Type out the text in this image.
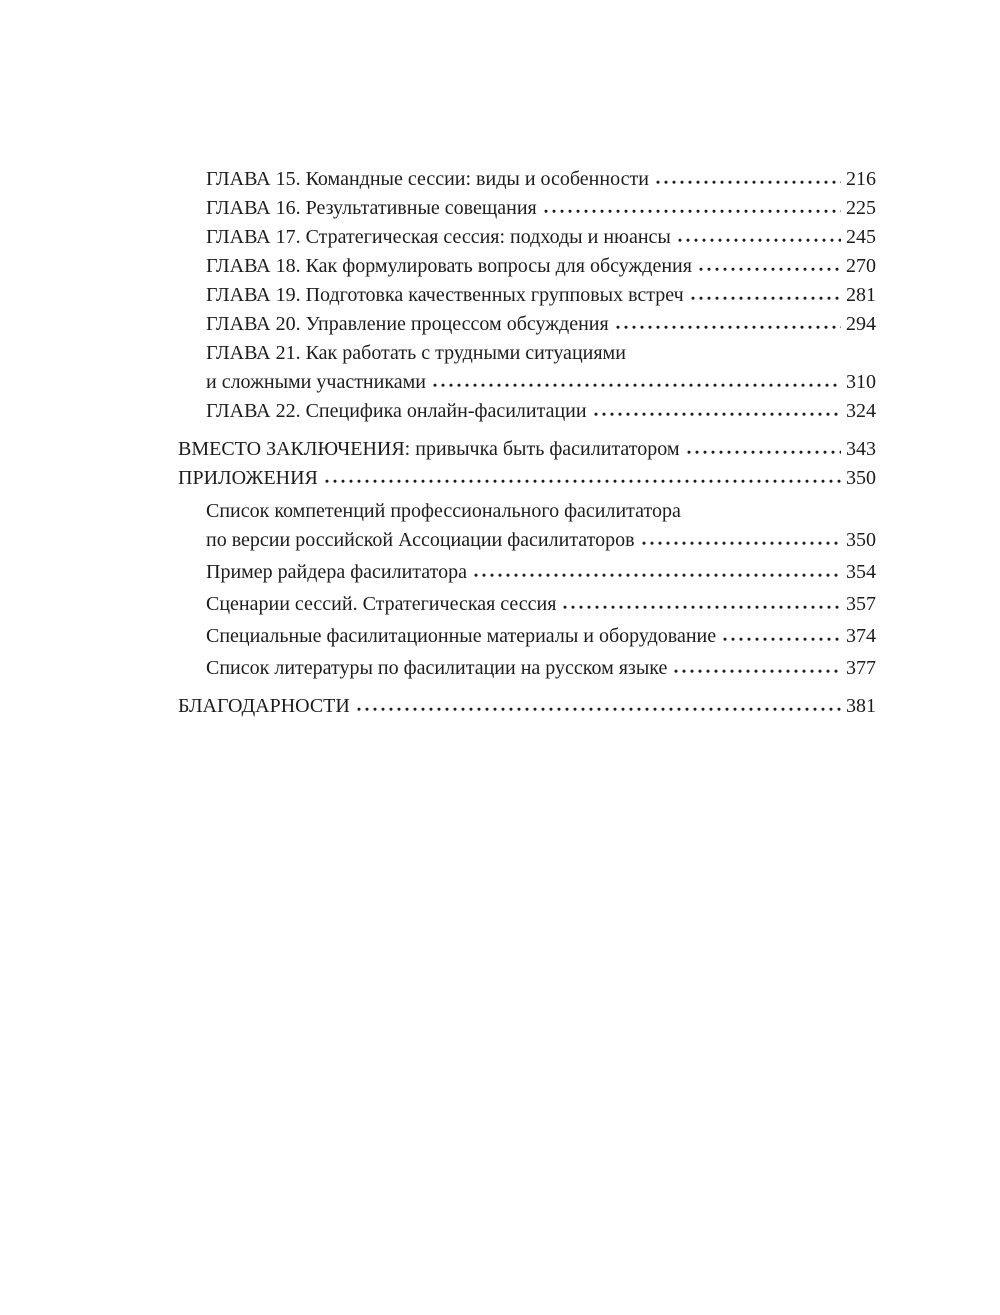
ГЛАВА 15. Командные сессии: виды и особенности	216
ГЛАВА 16. Результативные совещания	225
ГЛАВА 17. Стратегическая сессия: подходы и нюансы	245
ГЛАВА 18. Как формулировать вопросы для обсуждения	270
ГЛАВА 19. Подготовка качественных групповых встреч	281
ГЛАВА 20. Управление процессом обсуждения	294
ГЛАВА 21. Как работать с трудными ситуациями
и сложными участниками	310
ГЛАВА 22. Специфика онлайн-фасилитации	324
ВМЕСТО ЗАКЛЮЧЕНИЯ: привычка быть фасилитатором	343
ПРИЛОЖЕНИЯ	350
Список компетенций профессионального фасилитатора
по версии российской Ассоциации фасилитаторов	350
Пример райдера фасилитатора	354
Сценарии сессий. Стратегическая сессия	357
Специальные фасилитационные материалы и оборудование	374
Список литературы по фасилитации на русском языке	377
БЛАГОДАРНОСТИ	381
